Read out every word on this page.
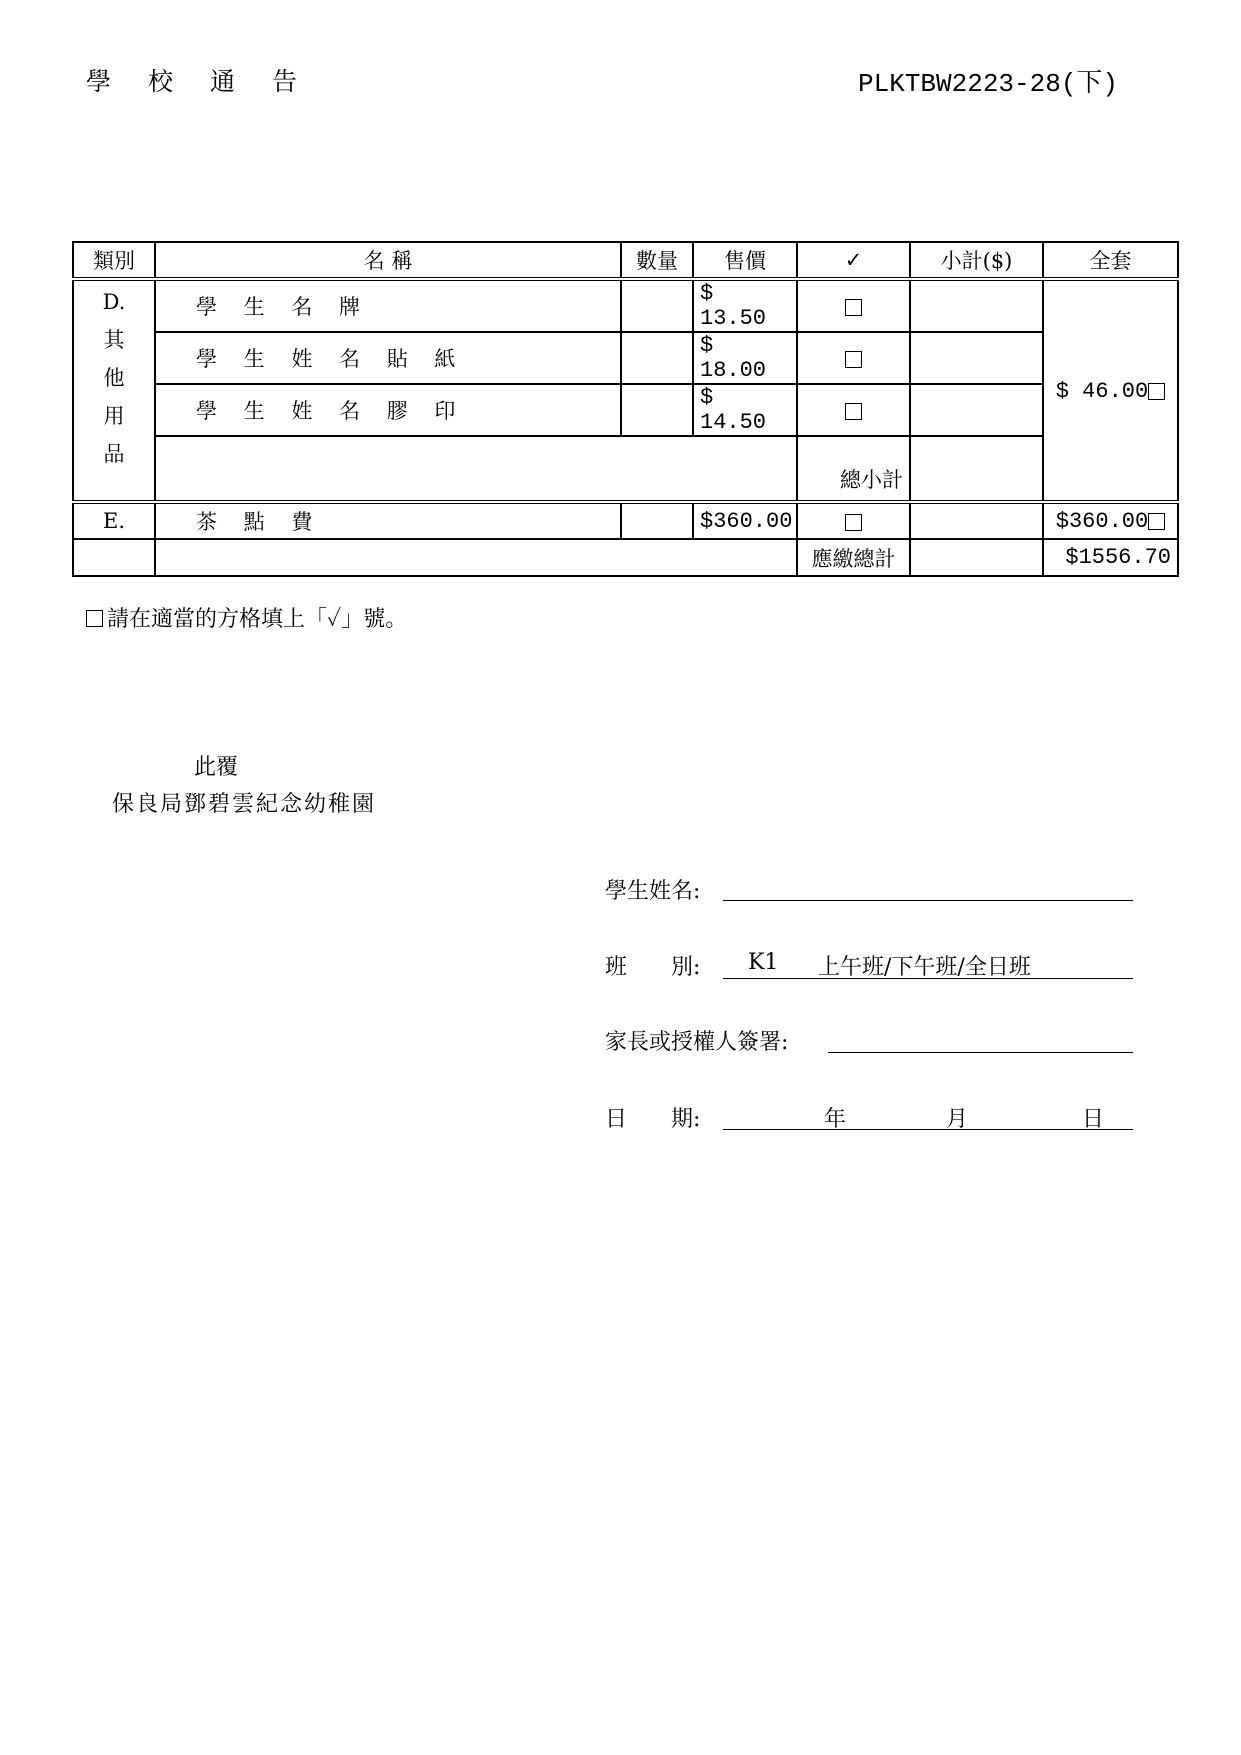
學　校　通　告	PLKTBW2223-28(下)
類別	名 稱	數量	售價	✓	小計($)	全套

D.
其
他
用
品	學 生 名 牌		$ 13.50			$ 46.00
	學 生 姓 名 貼 紙		$ 18.00			
	學 生 姓 名 膠 印		$ 14.50			
				總小計		
E.	茶 點 費		$360.00			$360.00
				應繳總計		$1556.70
請在適當的方格填上「✓」號。
此覆
保良局鄧碧雲紀念幼稚園
學生姓名:
班　　別: K1 上午班/下午班/全日班
家長或授權人簽署:
日　　期:	年	月	日
